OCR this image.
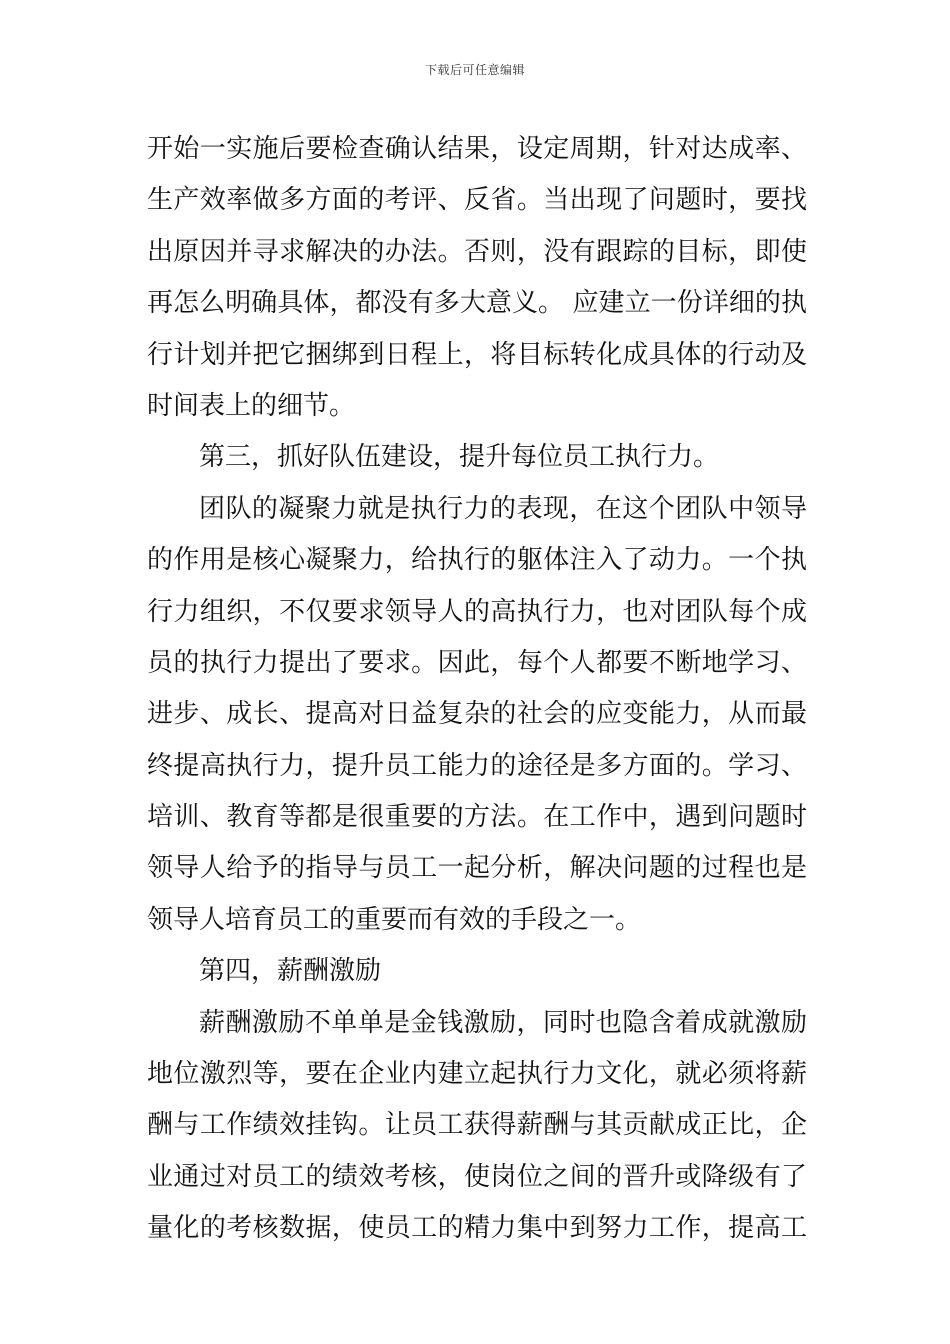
下载后可任意编辑
开始一实施后要检查确认结果，设定周期，针对达成率、
生产效率做多方面的考评、反省。当出现了问题时，要找
出原因并寻求解决的办法。否则，没有跟踪的目标，即使
再怎么明确具体，都没有多大意义。 应建立一份详细的执
行计划并把它捆绑到日程上，将目标转化成具体的行动及
时间表上的细节。
第三，抓好队伍建设，提升每位员工执行力。
团队的凝聚力就是执行力的表现，在这个团队中领导
的作用是核心凝聚力，给执行的躯体注入了动力。一个执
行力组织，不仅要求领导人的高执行力，也对团队每个成
员的执行力提出了要求。因此，每个人都要不断地学习、
进步、成长、提高对日益复杂的社会的应变能力，从而最
终提高执行力，提升员工能力的途径是多方面的。学习、
培训、教育等都是很重要的方法。在工作中，遇到问题时
领导人给予的指导与员工一起分析，解决问题的过程也是
领导人培育员工的重要而有效的手段之一。
第四，薪酬激励
薪酬激励不单单是金钱激励，同时也隐含着成就激励
地位激烈等，要在企业内建立起执行力文化，就必须将薪
酬与工作绩效挂钩。让员工获得薪酬与其贡献成正比，企
业通过对员工的绩效考核，使岗位之间的晋升或降级有了
量化的考核数据，使员工的精力集中到努力工作，提高工
